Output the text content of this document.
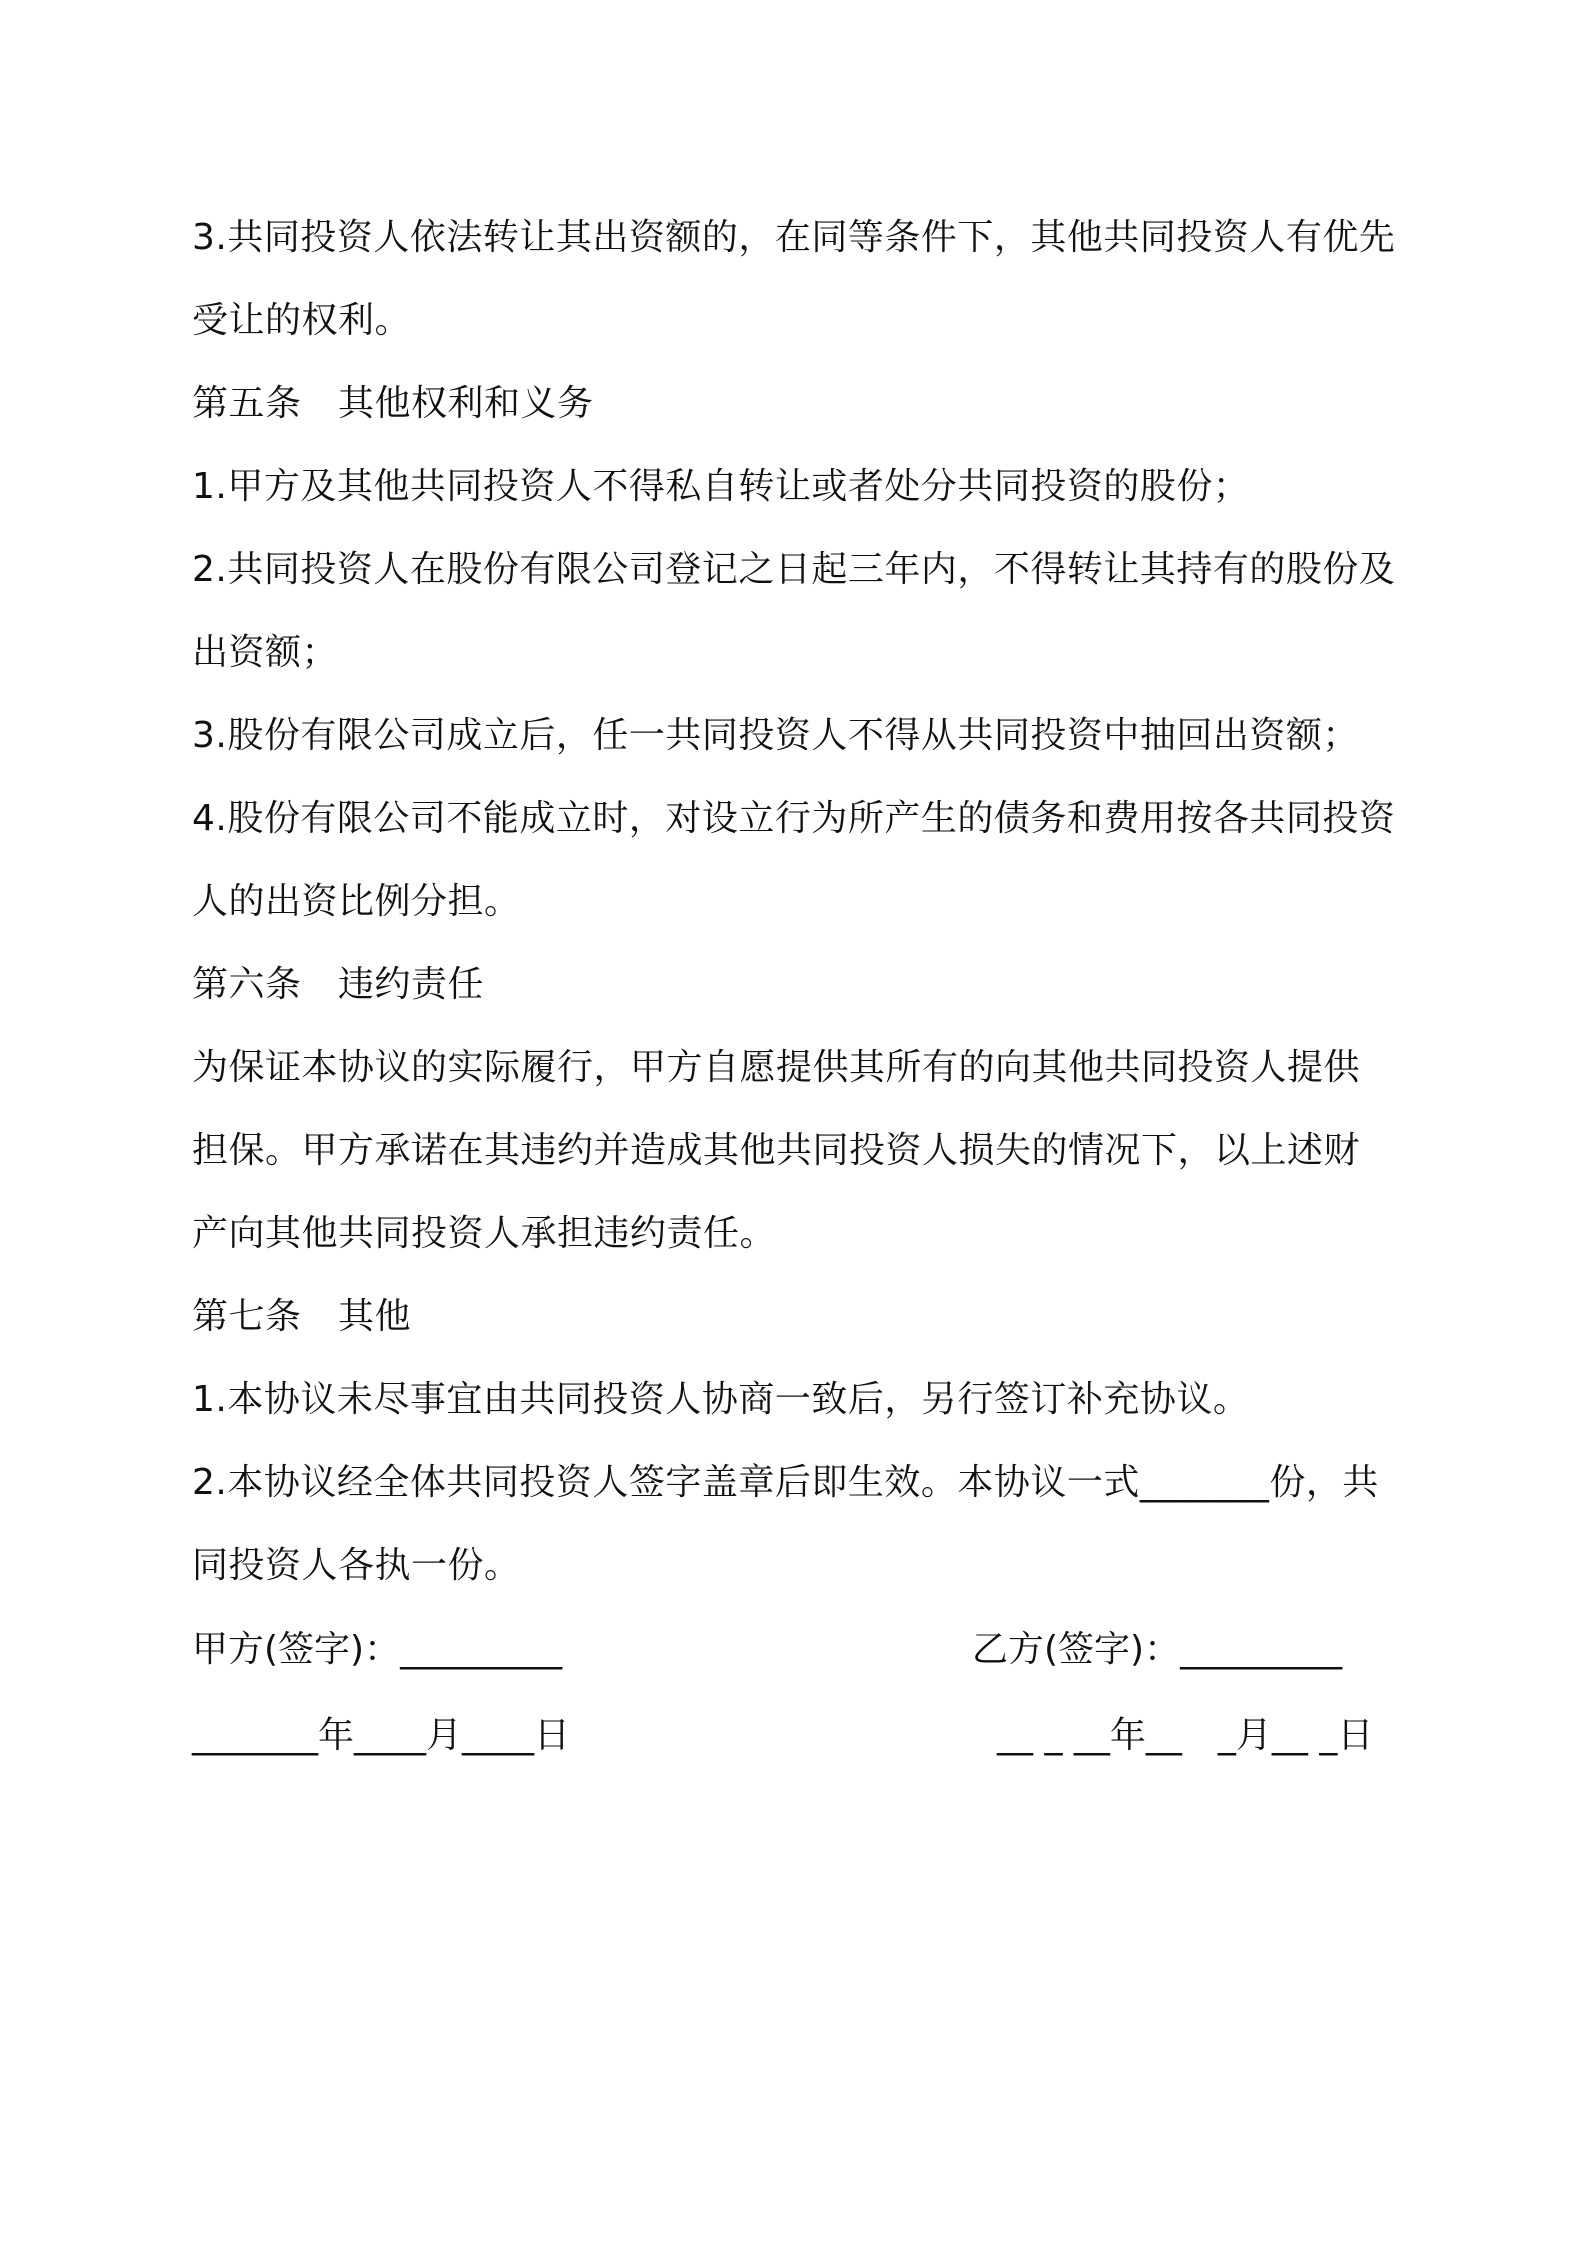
3.共同投资人依法转让其出资额的，在同等条件下，其他共同投资人有优先
受让的权利。
第五条　其他权利和义务
1.甲方及其他共同投资人不得私自转让或者处分共同投资的股份；
2.共同投资人在股份有限公司登记之日起三年内，不得转让其持有的股份及
出资额；
3.股份有限公司成立后，任一共同投资人不得从共同投资中抽回出资额；
4.股份有限公司不能成立时，对设立行为所产生的债务和费用按各共同投资
人的出资比例分担。
第六条　违约责任
为保证本协议的实际履行，甲方自愿提供其所有的向其他共同投资人提供
担保。甲方承诺在其违约并造成其他共同投资人损失的情况下，以上述财
产向其他共同投资人承担违约责任。
第七条　其他
1.本协议未尽事宜由共同投资人协商一致后，另行签订补充协议。
2.本协议经全体共同投资人签字盖章后即生效。本协议一式_______份，共
同投资人各执一份。
甲方(签字)：_________	乙方(签字)：_________
_______年____月____日	__ _ __年__　_月__ _日
